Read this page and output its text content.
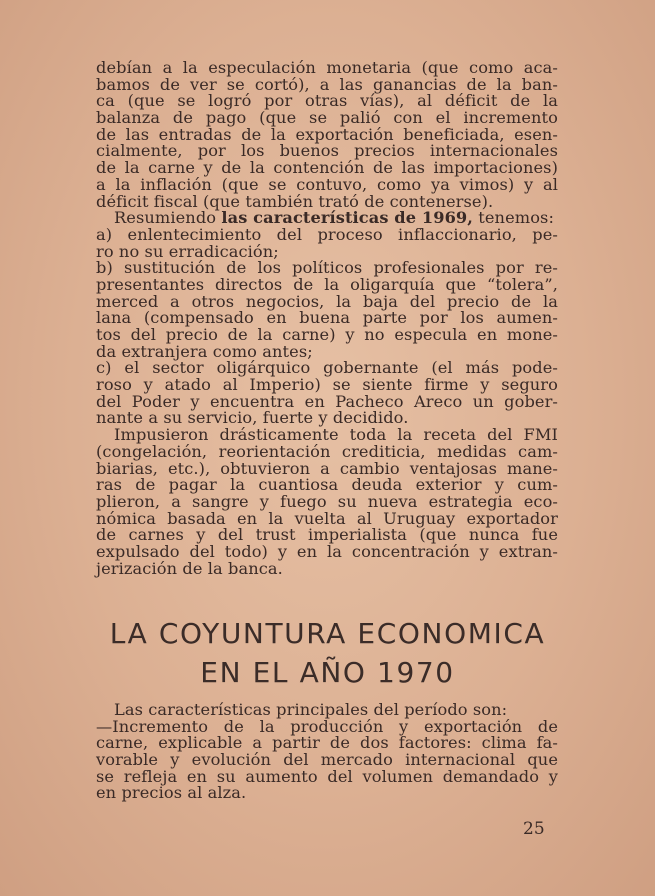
debían a la especulación monetaria (que como aca-
bamos de ver se cortó), a las ganancias de la ban-
ca (que se logró por otras vías), al déficit de la
balanza de pago (que se palió con el incremento
de las entradas de la exportación beneficiada, esen-
cialmente, por los buenos precios internacionales
de la carne y de la contención de las importaciones)
a la inflación (que se contuvo, como ya vimos) y al
déficit fiscal (que también trató de contenerse).
Resumiendo las características de 1969, tenemos:
a) enlentecimiento del proceso inflaccionario, pe-
ro no su erradicación;
b) sustitución de los políticos profesionales por re-
presentantes directos de la oligarquía que “tolera”,
merced a otros negocios, la baja del precio de la
lana (compensado en buena parte por los aumen-
tos del precio de la carne) y no especula en mone-
da extranjera como antes;
c) el sector oligárquico gobernante (el más pode-
roso y atado al Imperio) se siente firme y seguro
del Poder y encuentra en Pacheco Areco un gober-
nante a su servicio, fuerte y decidido.
Impusieron drásticamente toda la receta del FMI
(congelación, reorientación crediticia, medidas cam-
biarias, etc.), obtuvieron a cambio ventajosas mane-
ras de pagar la cuantiosa deuda exterior y cum-
plieron, a sangre y fuego su nueva estrategia eco-
nómica basada en la vuelta al Uruguay exportador
de carnes y del trust imperialista (que nunca fue
expulsado del todo) y en la concentración y extran-
jerización de la banca.
LA COYUNTURA ECONOMICA
EN EL AÑO 1970
Las características principales del período son:
—Incremento de la producción y exportación de
carne, explicable a partir de dos factores: clima fa-
vorable y evolución del mercado internacional que
se refleja en su aumento del volumen demandado y
en precios al alza.
25
